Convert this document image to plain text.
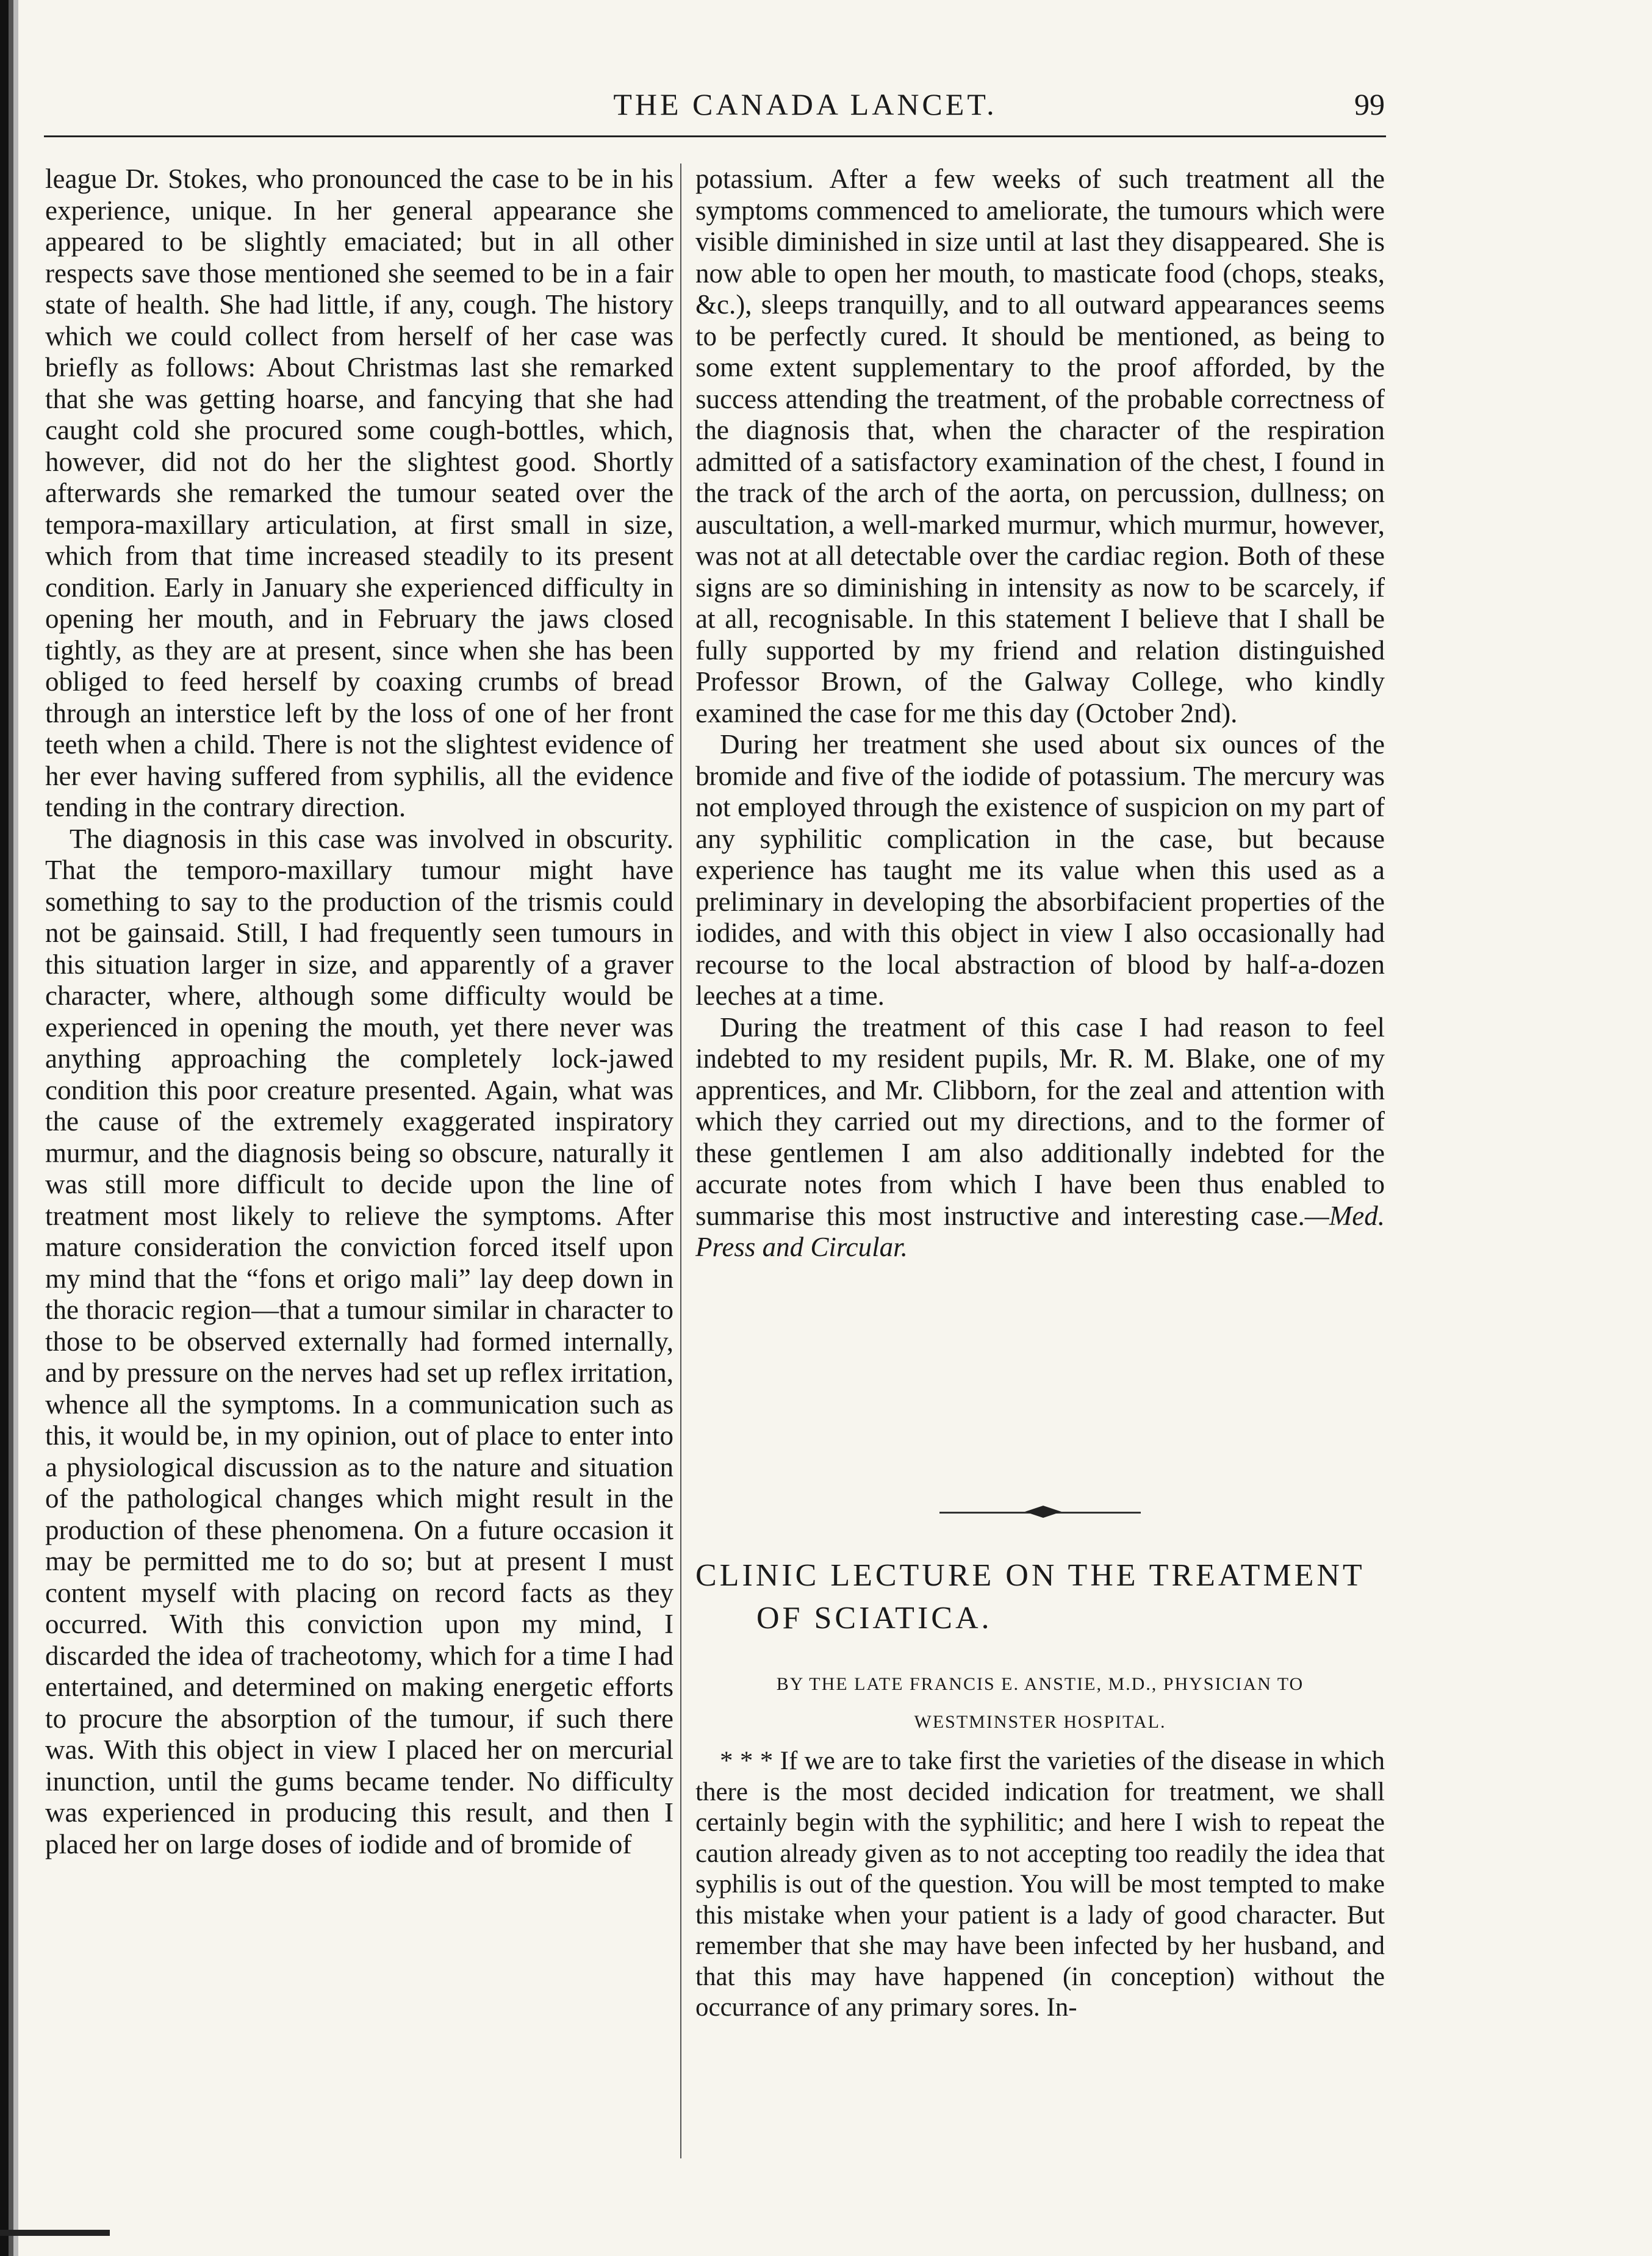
THE CANADA LANCET.	99

league Dr. Stokes, who pronounced the case to be in his experience, unique. In her general appearance she appeared to be slightly emaciated; but in all other respects save those mentioned she seemed to be in a fair state of health. She had little, if any, cough. The history which we could collect from herself of her case was briefly as follows: About Christmas last she remarked that she was getting hoarse, and fancying that she had caught cold she procured some cough-bottles, which, however, did not do her the slightest good. Shortly afterwards she remarked the tumour seated over the tempora-maxillary articulation, at first small in size, which from that time increased steadily to its present condition. Early in January she experienced difficulty in opening her mouth, and in February the jaws closed tightly, as they are at present, since when she has been obliged to feed herself by coaxing crumbs of bread through an interstice left by the loss of one of her front teeth when a child. There is not the slightest evidence of her ever having suffered from syphilis, all the evidence tending in the contrary direction.

The diagnosis in this case was involved in obscurity. That the temporo-maxillary tumour might have something to say to the production of the trismis could not be gainsaid. Still, I had frequently seen tumours in this situation larger in size, and apparently of a graver character, where, although some difficulty would be experienced in opening the mouth, yet there never was anything approaching the completely lock-jawed condition this poor creature presented. Again, what was the cause of the extremely exaggerated inspiratory murmur, and the diagnosis being so obscure, naturally it was still more difficult to decide upon the line of treatment most likely to relieve the symptoms. After mature consideration the conviction forced itself upon my mind that the “fons et origo mali” lay deep down in the thoracic region—that a tumour similar in character to those to be observed externally had formed internally, and by pressure on the nerves had set up reflex irritation, whence all the symptoms. In a communication such as this, it would be, in my opinion, out of place to enter into a physiological discussion as to the nature and situation of the pathological changes which might result in the production of these phenomena. On a future occasion it may be permitted me to do so; but at present I must content myself with placing on record facts as they occurred. With this conviction upon my mind, I discarded the idea of tracheotomy, which for a time I had entertained, and determined on making energetic efforts to procure the absorption of the tumour, if such there was. With this object in view I placed her on mercurial inunction, until the gums became tender. No difficulty was experienced in producing this result, and then I placed her on large doses of iodide and of bromide of

potassium. After a few weeks of such treatment all the symptoms commenced to ameliorate, the tumours which were visible diminished in size until at last they disappeared. She is now able to open her mouth, to masticate food (chops, steaks, &c.), sleeps tranquilly, and to all outward appearances seems to be perfectly cured. It should be mentioned, as being to some extent supplementary to the proof afforded, by the success attending the treatment, of the probable correctness of the diagnosis that, when the character of the respiration admitted of a satisfactory examination of the chest, I found in the track of the arch of the aorta, on percussion, dullness; on auscultation, a well-marked murmur, which murmur, however, was not at all detectable over the cardiac region. Both of these signs are so diminishing in intensity as now to be scarcely, if at all, recognisable. In this statement I believe that I shall be fully supported by my friend and relation distinguished Professor Brown, of the Galway College, who kindly examined the case for me this day (October 2nd).

During her treatment she used about six ounces of the bromide and five of the iodide of potassium. The mercury was not employed through the existence of suspicion on my part of any syphilitic complication in the case, but because experience has taught me its value when this used as a preliminary in developing the absorbifacient properties of the iodides, and with this object in view I also occasionally had recourse to the local abstraction of blood by half-a-dozen leeches at a time.

During the treatment of this case I had reason to feel indebted to my resident pupils, Mr. R. M. Blake, one of my apprentices, and Mr. Clibborn, for the zeal and attention with which they carried out my directions, and to the former of these gentlemen I am also additionally indebted for the accurate notes from which I have been thus enabled to summarise this most instructive and interesting case.—Med. Press and Circular.

CLINIC LECTURE ON THE TREATMENT
OF SCIATICA.
BY THE LATE FRANCIS E. ANSTIE, M.D., PHYSICIAN TO
WESTMINSTER HOSPITAL.

* * * If we are to take first the varieties of the disease in which there is the most decided indication for treatment, we shall certainly begin with the syphilitic; and here I wish to repeat the caution already given as to not accepting too readily the idea that syphilis is out of the question. You will be most tempted to make this mistake when your patient is a lady of good character. But remember that she may have been infected by her husband, and that this may have happened (in conception) without the occurrance of any primary sores. In-
